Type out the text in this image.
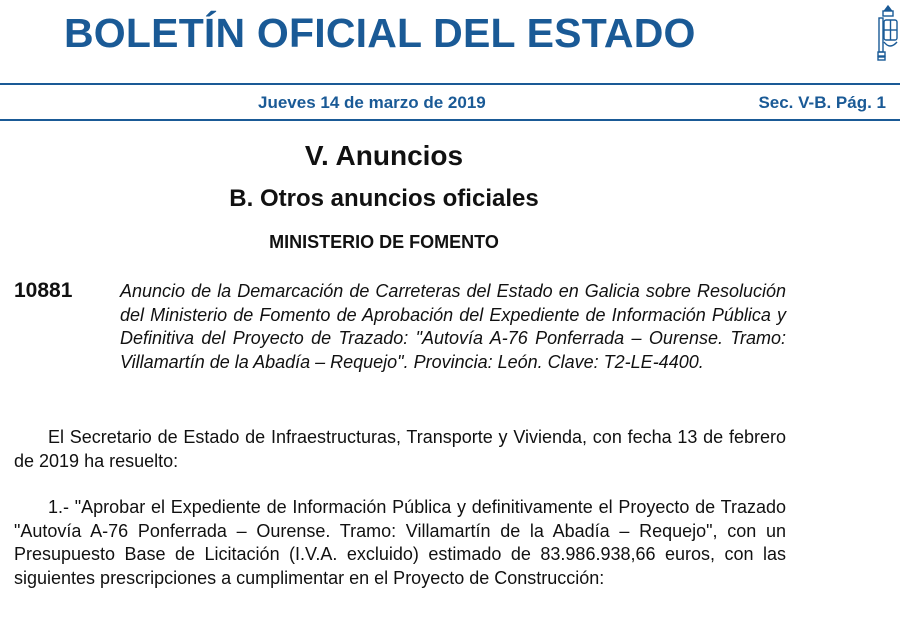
BOLETÍN OFICIAL DEL ESTADO
Jueves 14 de marzo de 2019	Sec. V-B. Pág. 1
V. Anuncios
B. Otros anuncios oficiales
MINISTERIO DE FOMENTO
10881	Anuncio de la Demarcación de Carreteras del Estado en Galicia sobre Resolución del Ministerio de Fomento de Aprobación del Expediente de Información Pública y Definitiva del Proyecto de Trazado: "Autovía A-76 Ponferrada – Ourense. Tramo: Villamartín de la Abadía – Requejo". Provincia: León. Clave: T2-LE-4400.

El Secretario de Estado de Infraestructuras, Transporte y Vivienda, con fecha 13 de febrero de 2019 ha resuelto:

1.- "Aprobar el Expediente de Información Pública y definitivamente el Proyecto de Trazado "Autovía A-76 Ponferrada – Ourense. Tramo: Villamartín de la Abadía – Requejo", con un Presupuesto Base de Licitación (I.V.A. excluido) estimado de 83.986.938,66 euros, con las siguientes prescripciones a cumplimentar en el Proyecto de Construcción:
